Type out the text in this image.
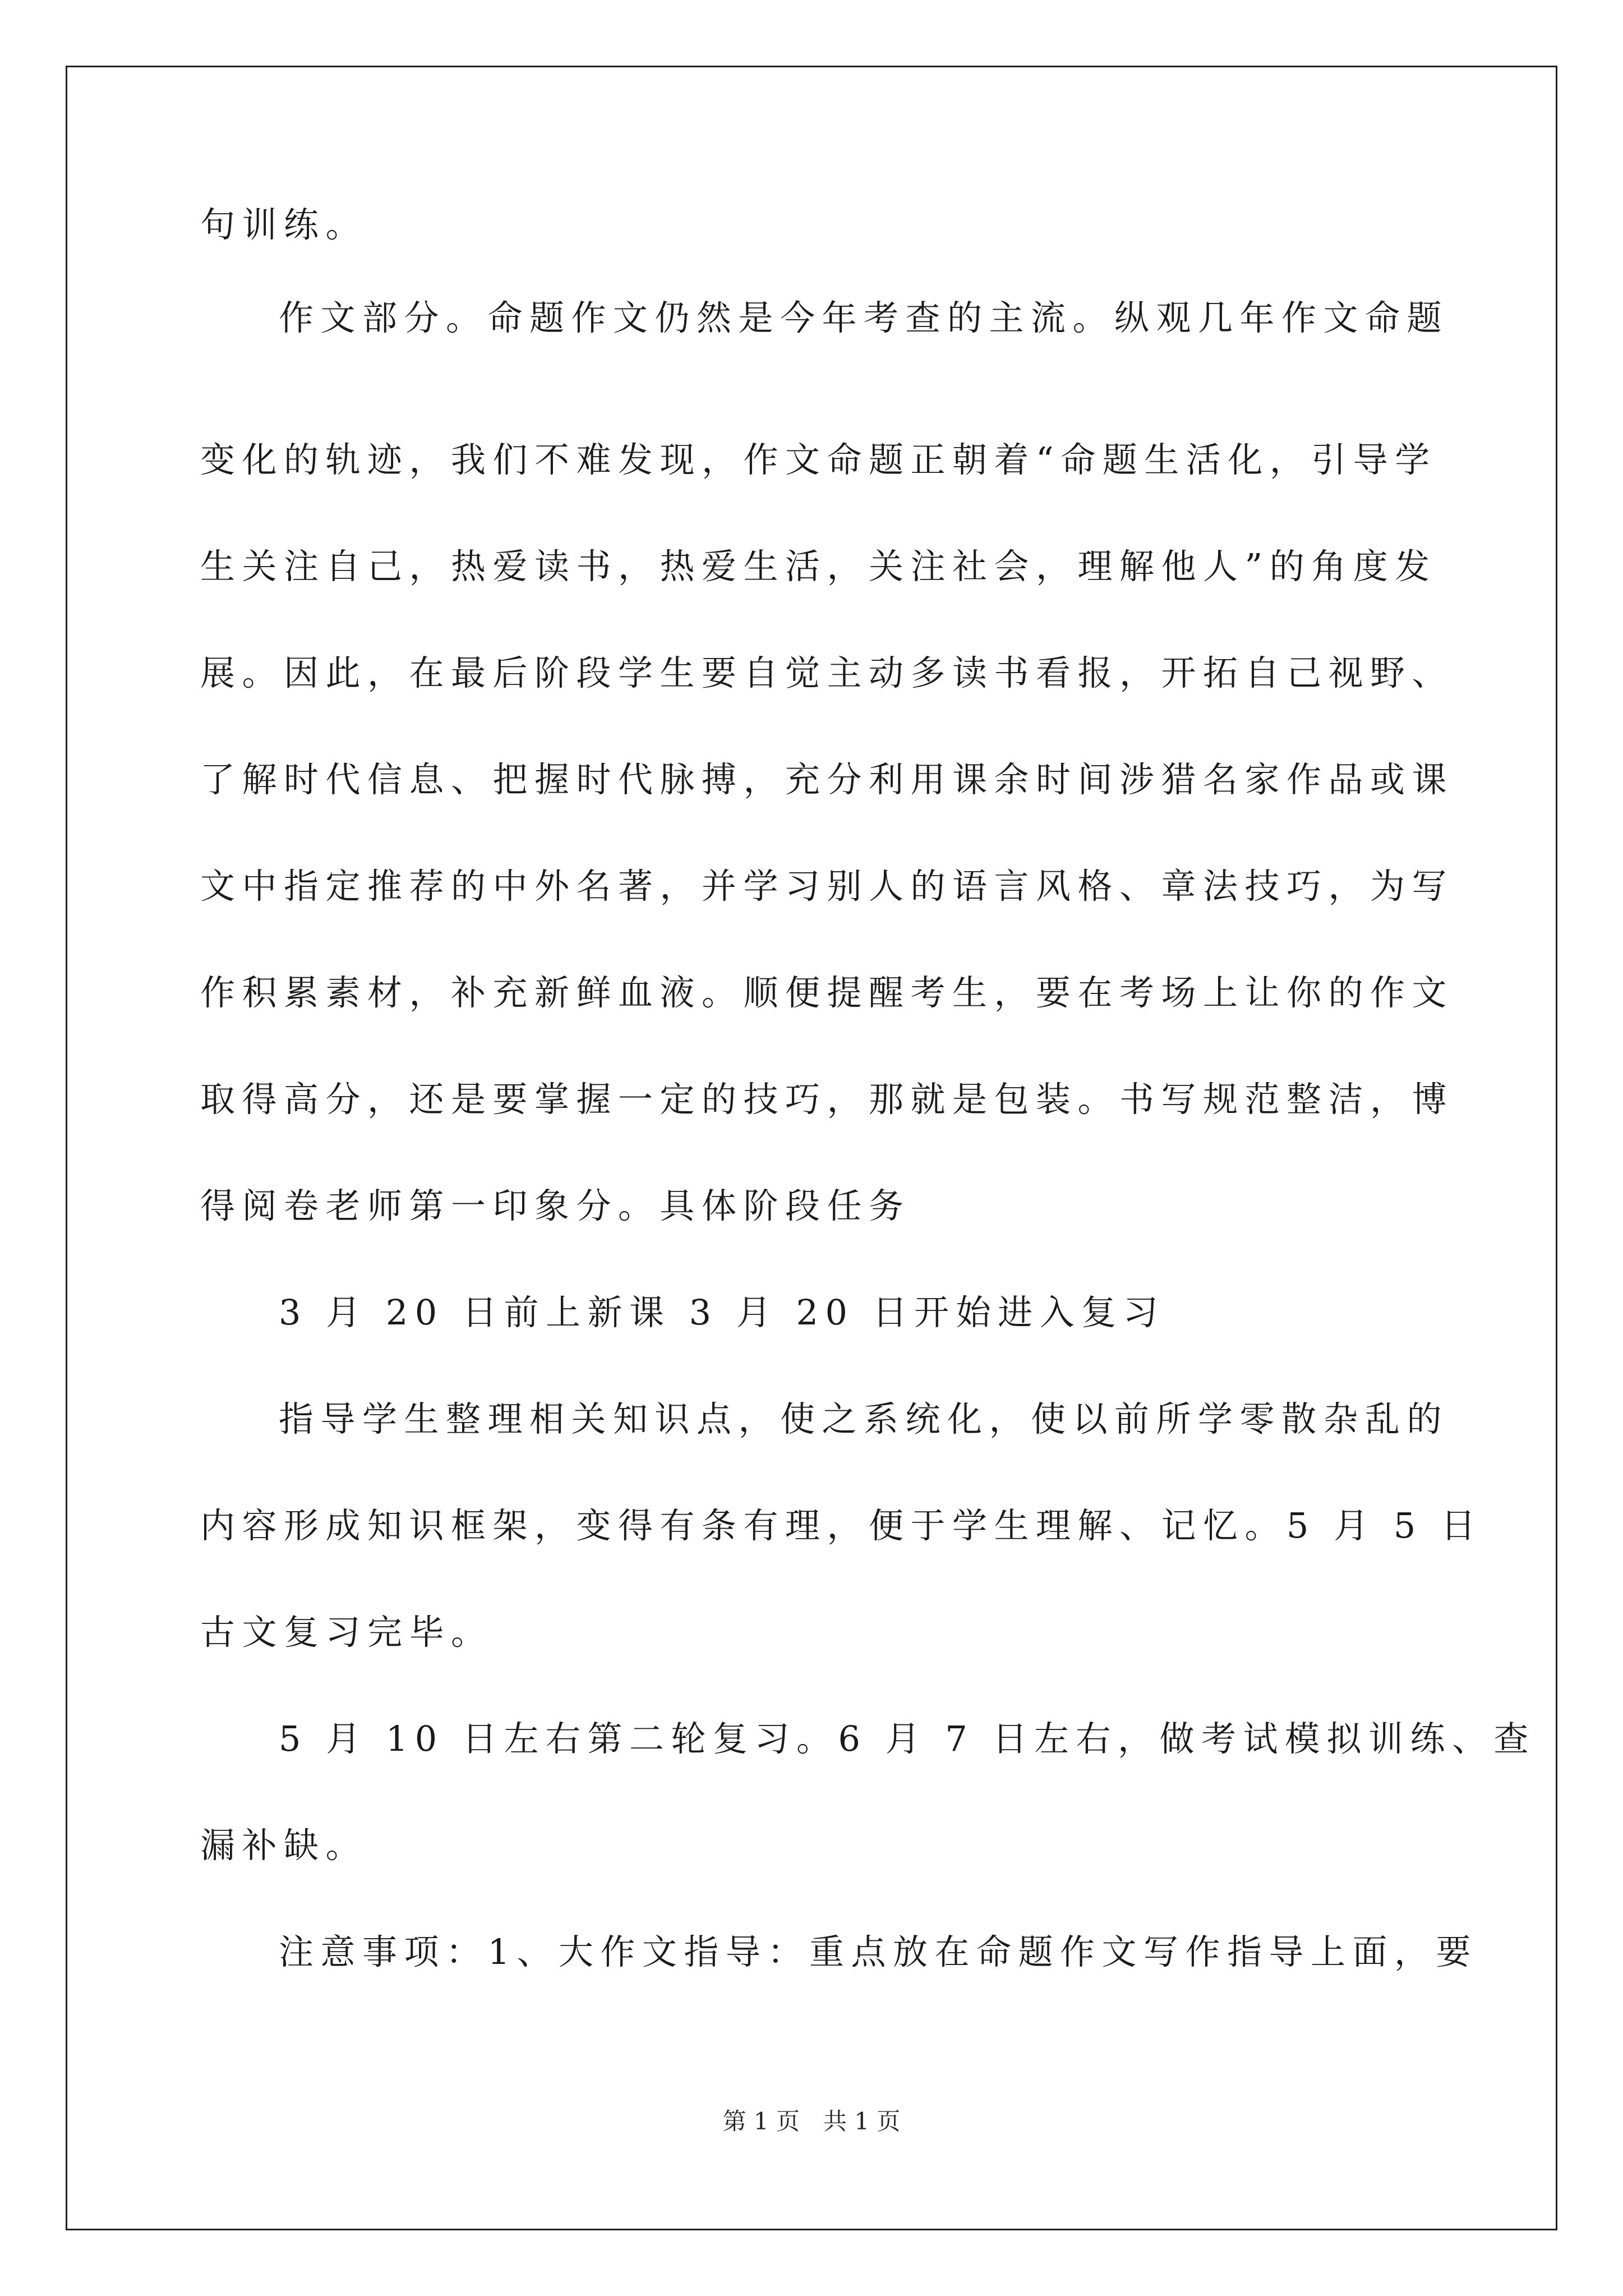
句训练。
作文部分。命题作文仍然是今年考查的主流。纵观几年作文命题
变化的轨迹，我们不难发现，作文命题正朝着“命题生活化，引导学
生关注自己，热爱读书，热爱生活，关注社会，理解他人”的角度发
展。因此，在最后阶段学生要自觉主动多读书看报，开拓自己视野、
了解时代信息、把握时代脉搏，充分利用课余时间涉猎名家作品或课
文中指定推荐的中外名著，并学习别人的语言风格、章法技巧，为写
作积累素材，补充新鲜血液。顺便提醒考生，要在考场上让你的作文
取得高分，还是要掌握一定的技巧，那就是包装。书写规范整洁，博
得阅卷老师第一印象分。具体阶段任务
3 月 20 日前上新课 3 月 20 日开始进入复习
指导学生整理相关知识点，使之系统化，使以前所学零散杂乱的
内容形成知识框架，变得有条有理，便于学生理解、记忆。5 月 5 日
古文复习完毕。
5 月 10 日左右第二轮复习。6 月 7 日左右，做考试模拟训练、查
漏补缺。
注意事项：1、大作文指导：重点放在命题作文写作指导上面，要
第 1 页　共 1 页
